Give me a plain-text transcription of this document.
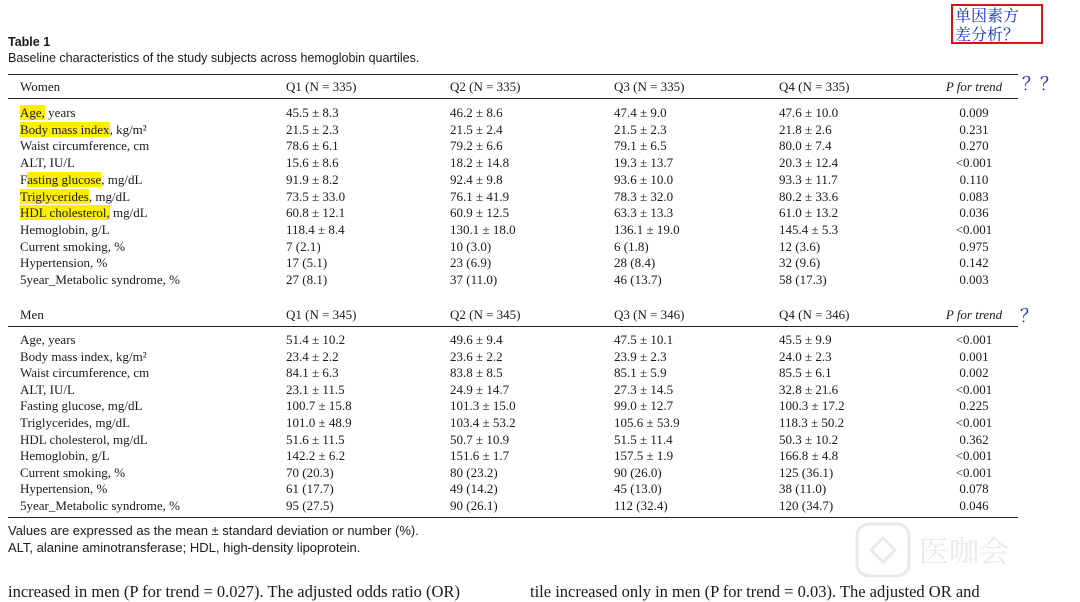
Table 1
Baseline characteristics of the study subjects across hemoglobin quartiles.
Women	Q1 (N = 335)	Q2 (N = 335)	Q3 (N = 335)	Q4 (N = 335)	P for trend
Age, years	45.5 ± 8.3	46.2 ± 8.6	47.4 ± 9.0	47.6 ± 10.0	0.009
Body mass index, kg/m²	21.5 ± 2.3	21.5 ± 2.4	21.5 ± 2.3	21.8 ± 2.6	0.231
Waist circumference, cm	78.6 ± 6.1	79.2 ± 6.6	79.1 ± 6.5	80.0 ± 7.4	0.270
ALT, IU/L	15.6 ± 8.6	18.2 ± 14.8	19.3 ± 13.7	20.3 ± 12.4	<0.001
Fasting glucose, mg/dL	91.9 ± 8.2	92.4 ± 9.8	93.6 ± 10.0	93.3 ± 11.7	0.110
Triglycerides, mg/dL	73.5 ± 33.0	76.1 ± 41.9	78.3 ± 32.0	80.2 ± 33.6	0.083
HDL cholesterol, mg/dL	60.8 ± 12.1	60.9 ± 12.5	63.3 ± 13.3	61.0 ± 13.2	0.036
Hemoglobin, g/L	118.4 ± 8.4	130.1 ± 18.0	136.1 ± 19.0	145.4 ± 5.3	<0.001
Current smoking, %	7 (2.1)	10 (3.0)	6 (1.8)	12 (3.6)	0.975
Hypertension, %	17 (5.1)	23 (6.9)	28 (8.4)	32 (9.6)	0.142
5year_Metabolic syndrome, %	27 (8.1)	37 (11.0)	46 (13.7)	58 (17.3)	0.003
Men	Q1 (N = 345)	Q2 (N = 345)	Q3 (N = 346)	Q4 (N = 346)	P for trend
Age, years	51.4 ± 10.2	49.6 ± 9.4	47.5 ± 10.1	45.5 ± 9.9	<0.001
Body mass index, kg/m²	23.4 ± 2.2	23.6 ± 2.2	23.9 ± 2.3	24.0 ± 2.3	0.001
Waist circumference, cm	84.1 ± 6.3	83.8 ± 8.5	85.1 ± 5.9	85.5 ± 6.1	0.002
ALT, IU/L	23.1 ± 11.5	24.9 ± 14.7	27.3 ± 14.5	32.8 ± 21.6	<0.001
Fasting glucose, mg/dL	100.7 ± 15.8	101.3 ± 15.0	99.0 ± 12.7	100.3 ± 17.2	0.225
Triglycerides, mg/dL	101.0 ± 48.9	103.4 ± 53.2	105.6 ± 53.9	118.3 ± 50.2	<0.001
HDL cholesterol, mg/dL	51.6 ± 11.5	50.7 ± 10.9	51.5 ± 11.4	50.3 ± 10.2	0.362
Hemoglobin, g/L	142.2 ± 6.2	151.6 ± 1.7	157.5 ± 1.9	166.8 ± 4.8	<0.001
Current smoking, %	70 (20.3)	80 (23.2)	90 (26.0)	125 (36.1)	<0.001
Hypertension, %	61 (17.7)	49 (14.2)	45 (13.0)	38 (11.0)	0.078
5year_Metabolic syndrome, %	95 (27.5)	90 (26.1)	112 (32.4)	120 (34.7)	0.046
Values are expressed as the mean ± standard deviation or number (%).
ALT, alanine aminotransferase; HDL, high-density lipoprotein.
increased in men (P for trend = 0.027). The adjusted odds ratio (OR)	tile increased only in men (P for trend = 0.03). The adjusted OR and
单因素方
差分析？
？？
？
医咖会
